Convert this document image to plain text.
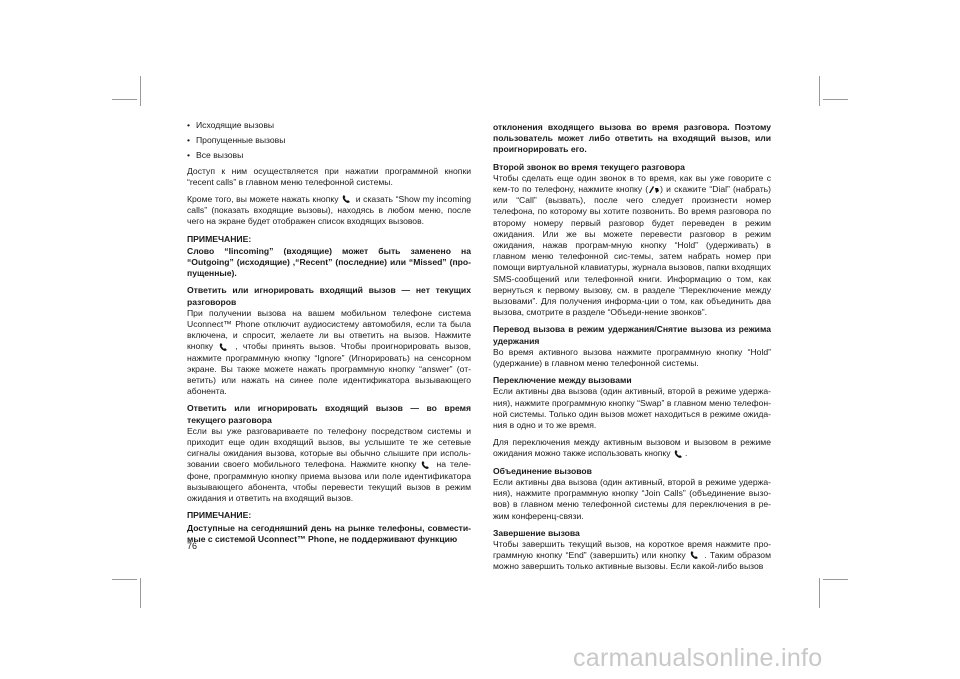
• Исходящие вызовы
• Пропущенные вызовы
• Все вызовы

Доступ к ним осуществляется при нажатии программной кнопки “recent calls” в главном меню телефонной системы.

Кроме того, вы можете нажать кнопку и сказать “Show my incoming calls” (показать входящие вызовы), находясь в любом меню, после чего на экране будет отображен список входящих вызовов.

ПРИМЕЧАНИЕ:

Слово “Iincoming” (входящие) может быть заменено на “Outgoing” (исходящие) ,“Recent” (последние) или “Missed” (про-пущенные).

Ответить или игнорировать входящий вызов — нет текущих разговоров

При получении вызова на вашем мобильном телефоне система Uconnect™ Phone отключит аудиосистему автомобиля, если та была включена, и спросит, желаете ли вы ответить на вызов. Нажмите кнопку	, чтобы принять вызов. Чтобы проигнорировать вызов, нажмите программную кнопку “Ignore” (Игнорировать) на сенсорном экране. Вы также можете нажать программную кнопку “answer” (от-ветить) или нажать на синее поле идентификатора вызывающего абонента.

Ответить или игнорировать входящий вызов — во время текущего разговора

Если вы уже разговариваете по телефону посредством системы и приходит еще один входящий вызов, вы услышите те же сетевые сигналы ожидания вызова, которые вы обычно слышите при исполь-зовании своего мобильного телефона. Нажмите кнопку на теле-фоне, программную кнопку приема вызова или поле идентификатора вызывающего абонента, чтобы перевести текущий вызов в режим ожидания и ответить на входящий вызов.

ПРИМЕЧАНИЕ:

Доступные на сегодняшний день на рынке телефоны, совмести-мые с системой Uconnect™ Phone, не поддерживают функцию

отклонения входящего вызова во время разговора. Поэтому пользователь может либо ответить на входящий вызов, или проигнорировать его.

Второй звонок во время текущего разговора

Чтобы сделать еще один звонок в то время, как вы уже говорите с кем-то по телефону, нажмите кнопку ( ) и скажите “Dial” (набрать) или “Call” (вызвать), после чего следует произнести номер телефона, по которому вы хотите позвонить. Во время разговора по второму номеру первый разговор будет переведен в режим ожидания. Или же вы можете перевести разговор в режим ожидания, нажав програм-мную кнопку “Hold” (удерживать) в главном меню телефонной сис-темы, затем набрать номер при помощи виртуальной клавиатуры, журнала вызовов, папки входящих SMS-сообщений или телефонной книги. Информацию о том, как вернуться к первому вызову, см. в разделе “Переключение между вызовами”. Для получения информа-ции о том, как объединить два вызова, смотрите в разделе “Объеди-нение звонков”.

Перевод вызова в режим удержания/Снятие вызова из режима удержания

Во время активного вызова нажмите программную кнопку “Hold” (удержание) в главном меню телефонной системы.

Переключение между вызовами

Если активны два вызова (один активный, второй в режиме удержа-ния), нажмите программную кнопку “Swap” в главном меню телефон-ной системы. Только один вызов может находиться в режиме ожида-ния в одно и то же время.

Для переключения между активным вызовом и вызовом в режиме ожидания можно также использовать кнопку .

Объединение вызовов

Если активны два вызова (один активный, второй в режиме удержа-ния), нажмите программную кнопку “Join Calls” (объединение вызо-вов) в главном меню телефонной системы для переключения в ре-жим конференц-связи.

Завершение вызова

Чтобы завершить текущий вызов, на короткое время нажмите про-граммную кнопку “End” (завершить) или кнопку . Таким образом можно завершить только активные вызовы. Если какой-либо вызов

76
carmanualsonline.info
